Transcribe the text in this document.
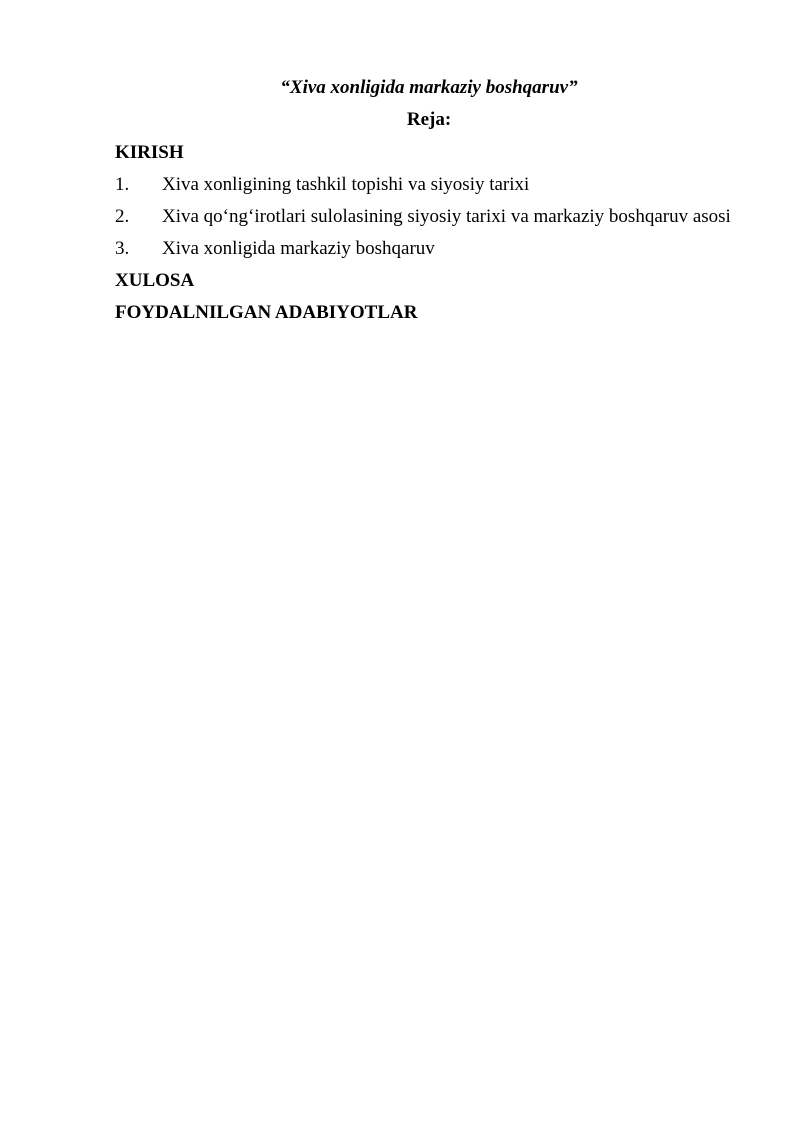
“Xiva xonligida markaziy boshqaruv”
Reja:
KIRISH
1. Xiva xonligining tashkil topishi va siyosiy tarixi
2. Xiva qo‘ng‘irotlari sulolasining siyosiy tarixi va markaziy boshqaruv asosi
3. Xiva xonligida markaziy boshqaruv
XULOSA
FOYDALNILGAN ADABIYOTLAR
